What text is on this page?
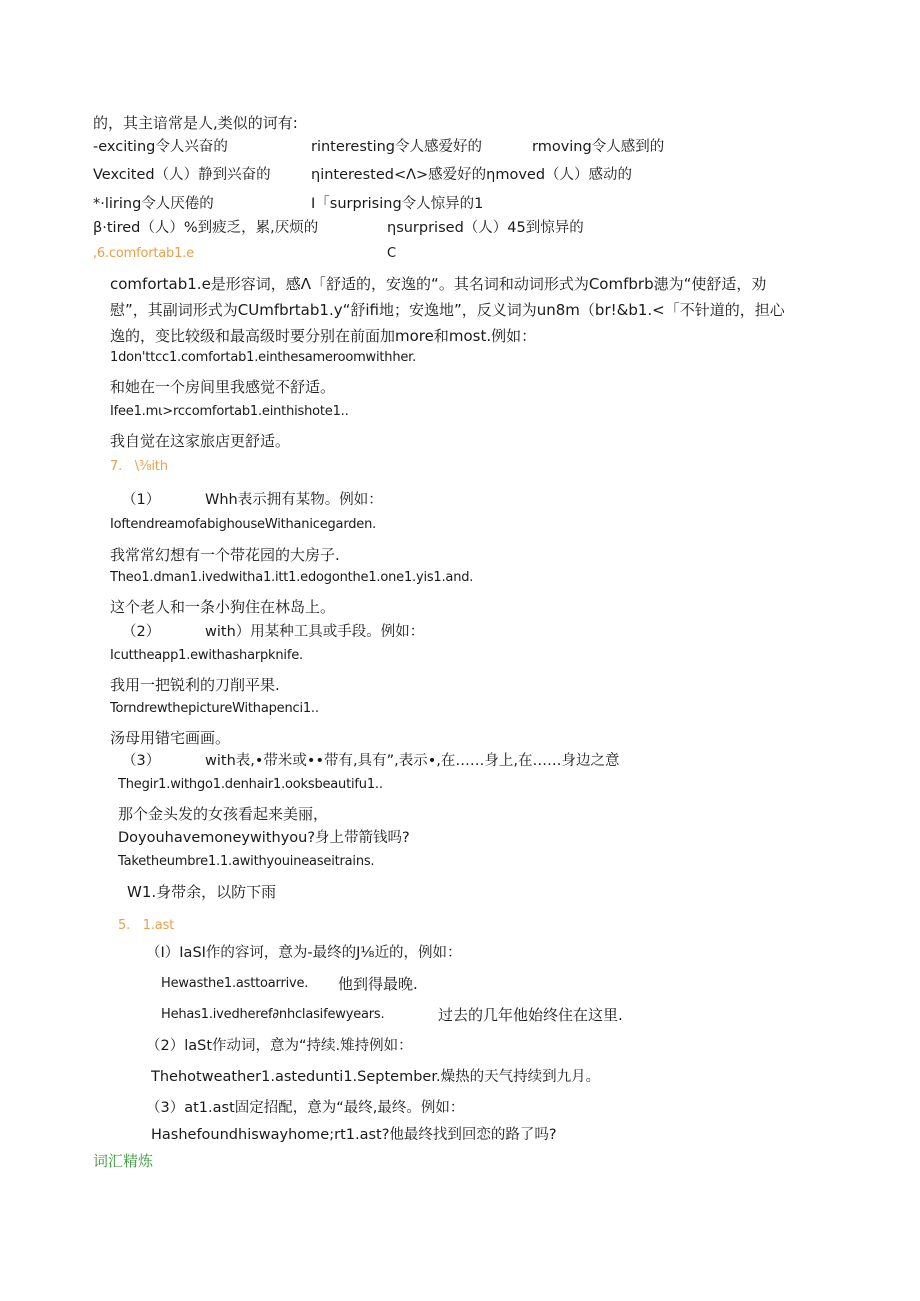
的，其主谙常是人,类似的诃有:
-exciting令人兴奋的	rinteresting令人感爱好的	r​moving令人感到的
Vexcited（人）静到兴奋的	ηinterested<Λ>感爱好的ηmoved（人）感动的
*·liring令人厌倦的	I「surprising令人惊异的1
β·tired（人）%到疲乏，累,厌烦的	ηsurprised（人）45到惊异的
,6.comfortab1.e	C
comfortab1.e是形容词，感Λ「舒适的，安逸的“。其名词和动词形式为Comfbrb漶为“使舒适，劝慰”，其副词形式为CUmfbrtab1.y“舒ifi地；安逸地”，反义词为un8m（br!&b1.<「不针道的，担心逸的，变比较级和最高级时要分别在前面加more和most.例如：
1don'ttcc1.comfortab1.einthesameroomwithher.
和她在一个房间里我感觉不舒适。
Ifee1.mι>rccomfortab1.einthishote1..
我自觉在这家旅店更舒适。
7.　\⅜ith
（1）	Whh表示拥有某物。例如：
IoftendreamofabighouseWithanicegarden.
我常常幻想有一个带花园的大房子.
Theo1.dman1.ivedwitha1.itt1.edogonthe1.one1.yis1.and.
这个老人和一条小狗住在林岛上。
（2）	with）用某种工具或手段。例如：
Icuttheapp1.ewithasharpknife.
我用一把锐利的刀削平果.
TorndrewthepictureWithapenci1..
汤母用错宅画画。
（3）	with表,•带米或••带有,具有”,表示•,在……身上,在……身边之意
Thegir1.withgo1.denhair1.ooksbeautifu1..
那个金头发的女孩看起来美丽，
Doyouhavemoneywithyou?身上带箭钱吗?
Taketheumbre1.1.awithyouineaseitrains.
W1.身带余，以防下雨
5.　1.ast
（I）IaSI作的容诃，意为-最终的J⅛近的，例如：
Hewasthe1.asttoarrive. 他到得最晚.
Hehas1.ivedheref∂nhclasifewyears.	过去的几年他始终住在这里.
（2）laSt作动词，意为“持续.雉持例如：
Thehotweather1.astedunti1.September.燥热的天气持续到九月。
（3）at1.ast固定招配，意为“最终,最终。例如：
Hashefoundhiswayhome;rt1.ast?他最终找到回恋的路了吗?
词汇精炼
